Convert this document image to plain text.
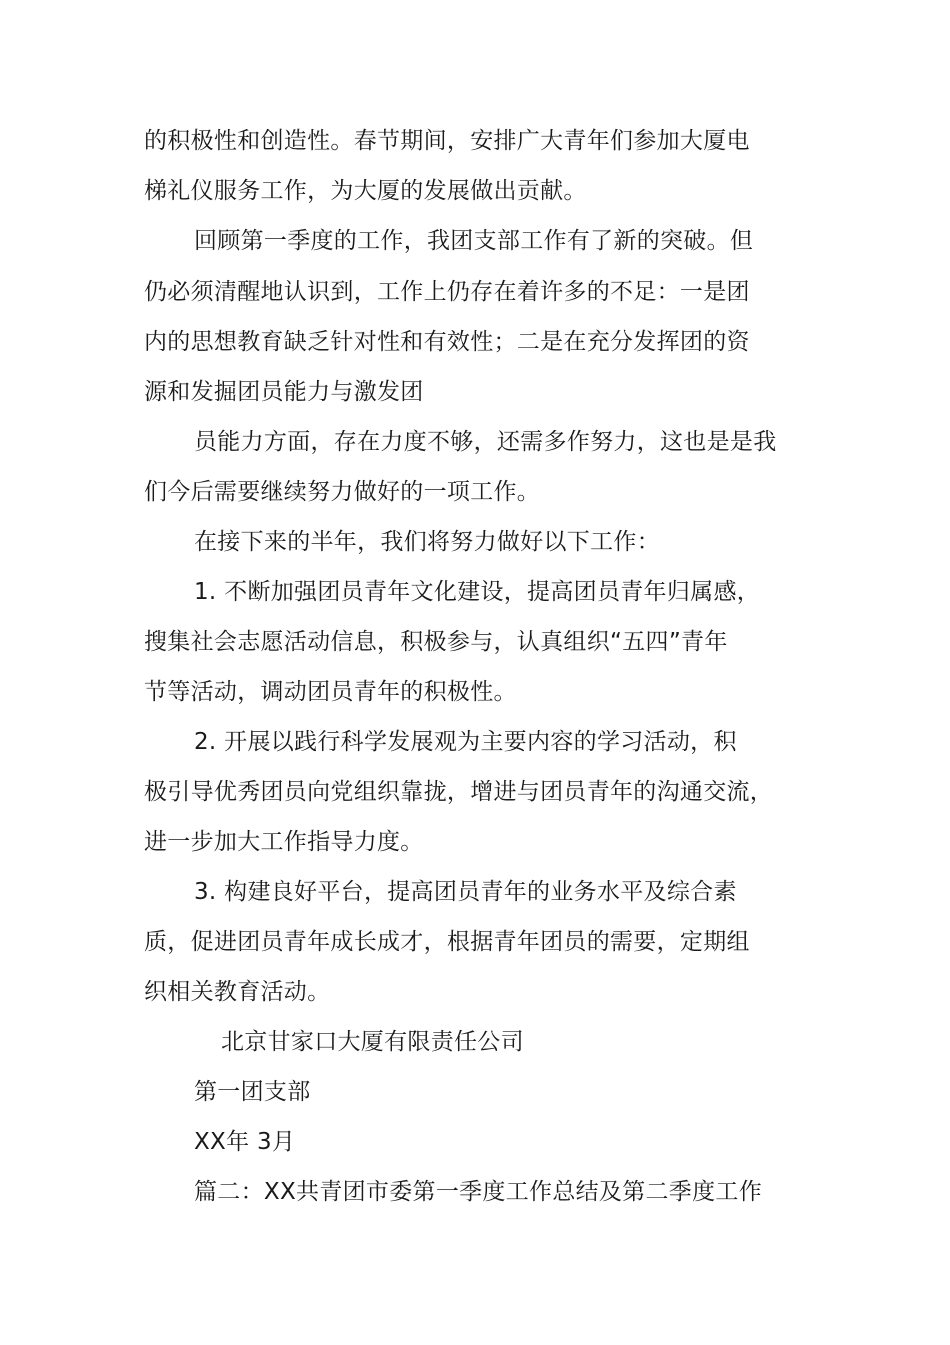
的积极性和创造性。春节期间，安排广大青年们参加大厦电
梯礼仪服务工作，为大厦的发展做出贡献。
回顾第一季度的工作，我团支部工作有了新的突破。但
仍必须清醒地认识到，工作上仍存在着许多的不足：一是团
内的思想教育缺乏针对性和有效性；二是在充分发挥团的资
源和发掘团员能力与激发团
员能力方面，存在力度不够，还需多作努力，这也是是我
们今后需要继续努力做好的一项工作。
在接下来的半年，我们将努力做好以下工作：
1. 不断加强团员青年文化建设，提高团员青年归属感，
搜集社会志愿活动信息，积极参与，认真组织“五四”青年
节等活动，调动团员青年的积极性。
2. 开展以践行科学发展观为主要内容的学习活动，积
极引导优秀团员向党组织靠拢，增进与团员青年的沟通交流，
进一步加大工作指导力度。
3. 构建良好平台，提高团员青年的业务水平及综合素
质，促进团员青年成长成才，根据青年团员的需要，定期组
织相关教育活动。
北京甘家口大厦有限责任公司
第一团支部
XX年 3月
篇二：XX共青团市委第一季度工作总结及第二季度工作
